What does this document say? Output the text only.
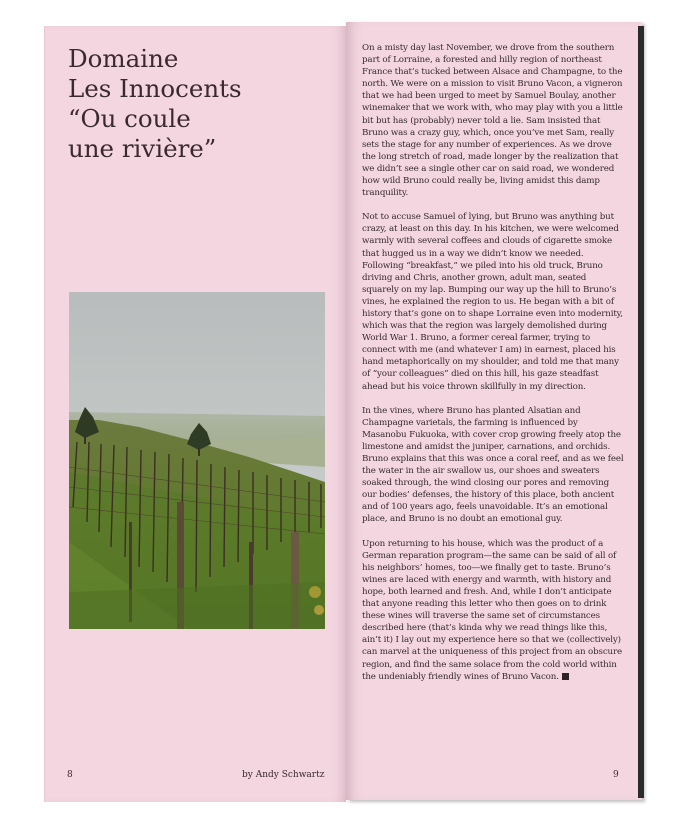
Domaine
Les Innocents
“Ou coule
une rivière”

On a misty day last November, we drove from the southern part of Lorraine, a forested and hilly region of northeast France that’s tucked between Alsace and Champagne, to the north. We were on a mission to visit Bruno Vacon, a vigneron that we had been urged to meet by Samuel Boulay, another winemaker that we work with, who may play with you a little bit but has (probably) never told a lie. Sam insisted that Bruno was a crazy guy, which, once you’ve met Sam, really sets the stage for any number of experiences. As we drove the long stretch of road, made longer by the realization that we didn’t see a single other car on said road, we wondered how wild Bruno could really be, living amidst this damp tranquility.

Not to accuse Samuel of lying, but Bruno was anything but crazy, at least on this day. In his kitchen, we were welcomed warmly with several coffees and clouds of cigarette smoke that hugged us in a way we didn’t know we needed. Following “breakfast,” we piled into his old truck, Bruno driving and Chris, another grown, adult man, seated squarely on my lap. Bumping our way up the hill to Bruno’s vines, he explained the region to us. He began with a bit of history that’s gone on to shape Lorraine even into modernity, which was that the region was largely demolished during World War 1. Bruno, a former cereal farmer, trying to connect with me (and whatever I am) in earnest, placed his hand metaphorically on my shoulder, and told me that many of “your colleagues” died on this hill, his gaze steadfast ahead but his voice thrown skillfully in my direction.

In the vines, where Bruno has planted Alsatian and Champagne varietals, the farming is influenced by Masanobu Fukuoka, with cover crop growing freely atop the limestone and amidst the juniper, carnations, and orchids. Bruno explains that this was once a coral reef, and as we feel the water in the air swallow us, our shoes and sweaters soaked through, the wind closing our pores and removing our bodies’ defenses, the history of this place, both ancient and of 100 years ago, feels unavoidable. It’s an emotional place, and Bruno is no doubt an emotional guy.

Upon returning to his house, which was the product of a German reparation program—the same can be said of all of his neighbors’ homes, too—we finally get to taste. Bruno’s wines are laced with energy and warmth, with history and hope, both learned and fresh. And, while I don’t anticipate that anyone reading this letter who then goes on to drink these wines will traverse the same set of circumstances described here (that’s kinda why we read things like this, ain’t it) I lay out my experience here so that we (collectively) can marvel at the uniqueness of this project from an obscure region, and find the same solace from the cold world within the undeniably friendly wines of Bruno Vacon.

8	by Andy Schwartz	9
